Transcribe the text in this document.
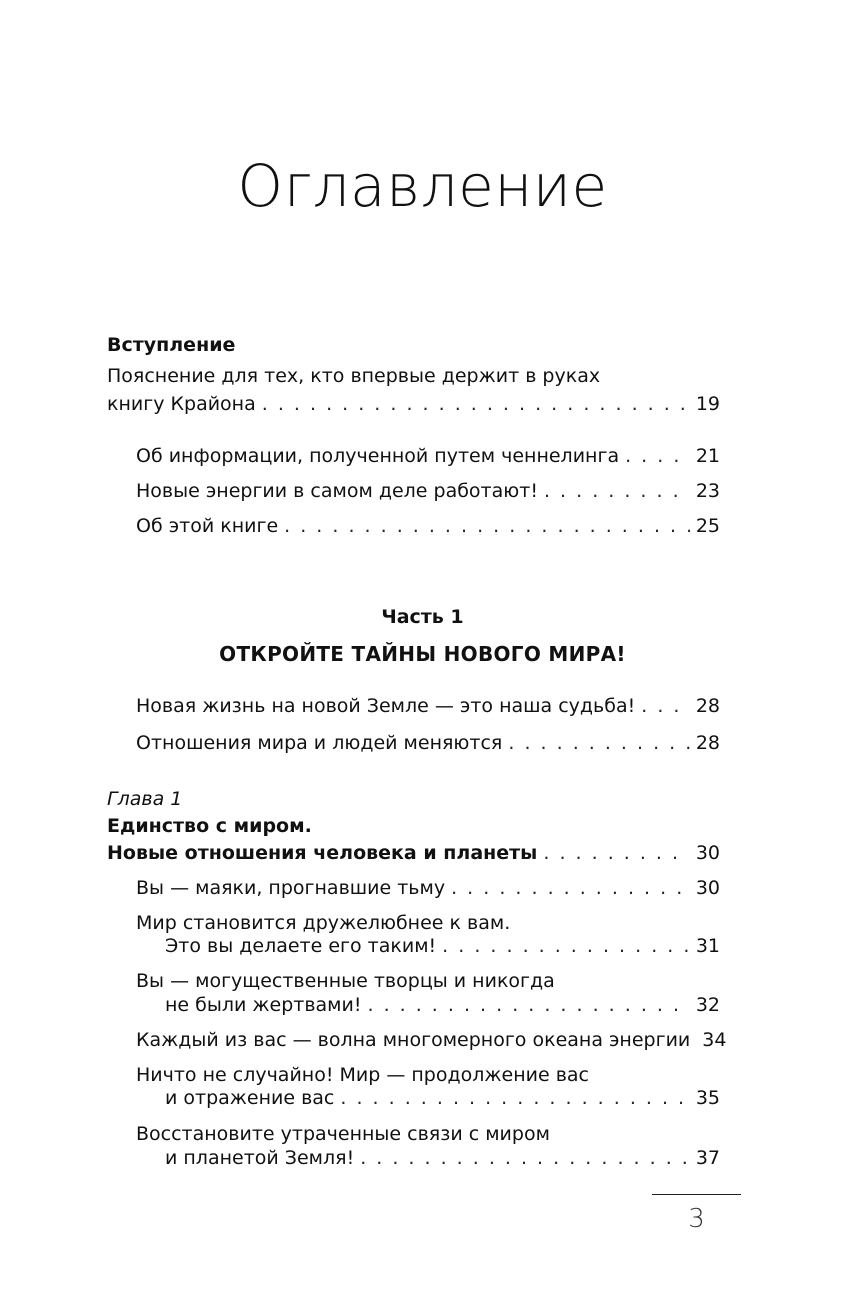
Оглавление
Вступление
Пояснение для тех, кто впервые держит в руках
книгу Крайона . . .	19
Об информации, полученной путем ченнелинга . . .	21
Новые энергии в самом деле работают! . . .	23
Об этой книге . . .	25
Часть 1
ОТКРОЙТЕ ТАЙНЫ НОВОГО МИРА!
Новая жизнь на новой Земле — это наша судьба! . . .	28
Отношения мира и людей меняются . . .	28
Глава 1
Единство с миром.
Новые отношения человека и планеты . . .	30
Вы — маяки, прогнавшие тьму . . .	30
Мир становится дружелюбнее к вам.
Это вы делаете его таким! . . .	31
Вы — могущественные творцы и никогда
не были жертвами! . . .	32
Каждый из вас — волна многомерного океана энергии 34
Ничто не случайно! Мир — продолжение вас
и отражение вас . . .	35
Восстановите утраченные связи с миром
и планетой Земля! . . .	37
3
